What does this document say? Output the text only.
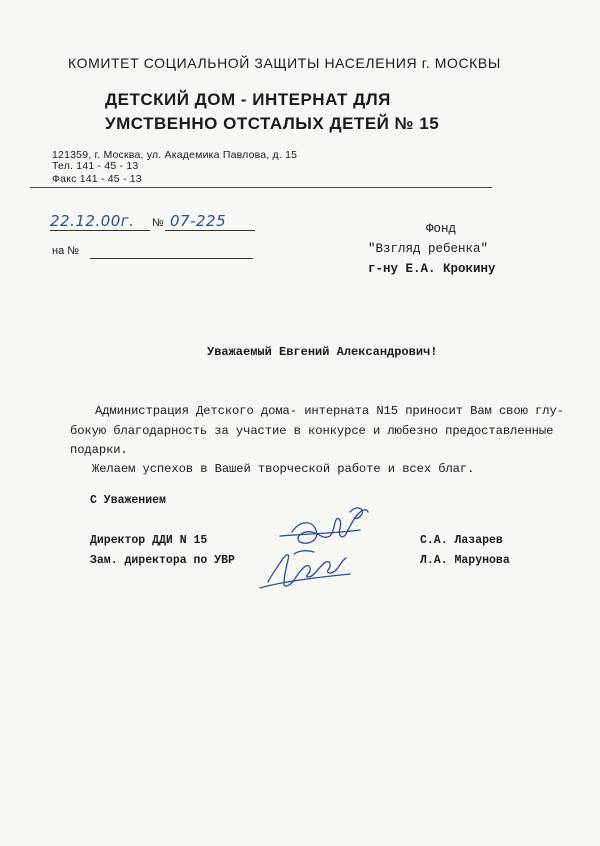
КОМИТЕТ СОЦИАЛЬНОЙ ЗАЩИТЫ НАСЕЛЕНИЯ г. МОСКВЫ
ДЕТСКИЙ ДОМ - ИНТЕРНАТ ДЛЯ
УМСТВЕННО ОТСТАЛЫХ ДЕТЕЙ № 15
121359, г. Москва, ул. Академика Павлова, д. 15
Тел. 141 - 45 - 13
Факс 141 - 45 - 13
22.12.00г. № 07-225
на №
Фонд
"Взгляд ребенка"
г-ну Е.А. Крокину
Уважаемый Евгений Александрович!
Администрация Детского дома- интерната N15 приносит Вам свою глу-
бокую благодарность за участие в конкурсе и любезно предоставленные
подарки.
Желаем успехов в Вашей творческой работе и всех благ.
С Уважением
Директор ДДИ N 15
Зам. директора по УВР
С.А. Лазарев
Л.А. Марунова
